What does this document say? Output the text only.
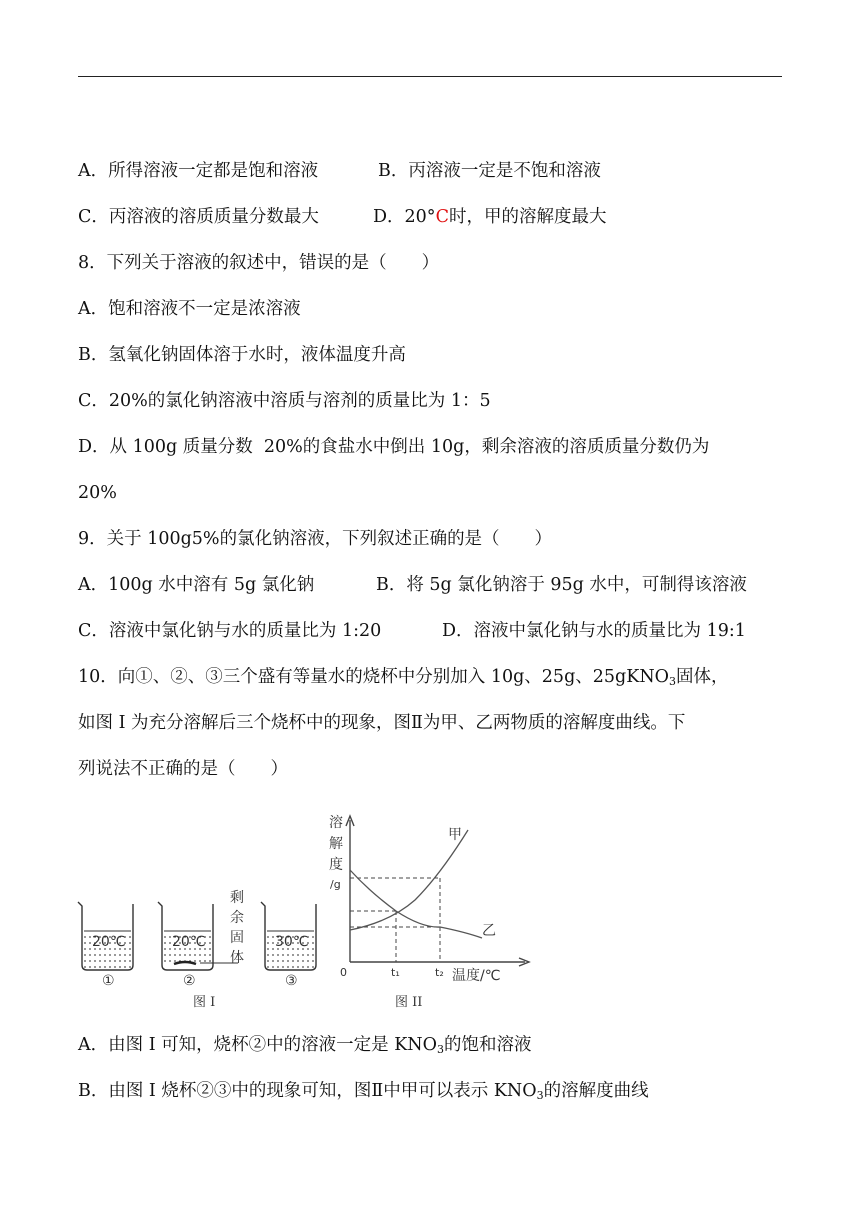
A．所得溶液一定都是饱和溶液	B．丙溶液一定是不饱和溶液
C．丙溶液的溶质质量分数最大	D．20°C时，甲的溶解度最大
8．下列关于溶液的叙述中，错误的是（　　）
A．饱和溶液不一定是浓溶液
B．氢氧化钠固体溶于水时，液体温度升高
C．20%的氯化钠溶液中溶质与溶剂的质量比为 1：5
D．从 100g 质量分数  20%的食盐水中倒出 10g，剩余溶液的溶质质量分数仍为
20%
9．关于 100g5%的氯化钠溶液，下列叙述正确的是（　　）
A．100g 水中溶有 5g 氯化钠	B．将 5g 氯化钠溶于 95g 水中，可制得该溶液
C．溶液中氯化钠与水的质量比为 1:20	D．溶液中氯化钠与水的质量比为 19:1
10．向①、②、③三个盛有等量水的烧杯中分别加入 10g、25g、25gKNO$_3$固体，
如图 I 为充分溶解后三个烧杯中的现象，图Ⅱ为甲、乙两物质的溶解度曲线。下
列说法不正确的是（　　）
20℃
①
20℃
②
30℃
③
剩余固体
图 I
溶
解
度
/g
0	t₁	t₂ 温度/℃
甲
乙
图 II
A．由图 I 可知，烧杯②中的溶液一定是 $KNO_3$的饱和溶液
B．由图 I 烧杯②③中的现象可知，图Ⅱ中甲可以表示 $KNO_3$的溶解度曲线
